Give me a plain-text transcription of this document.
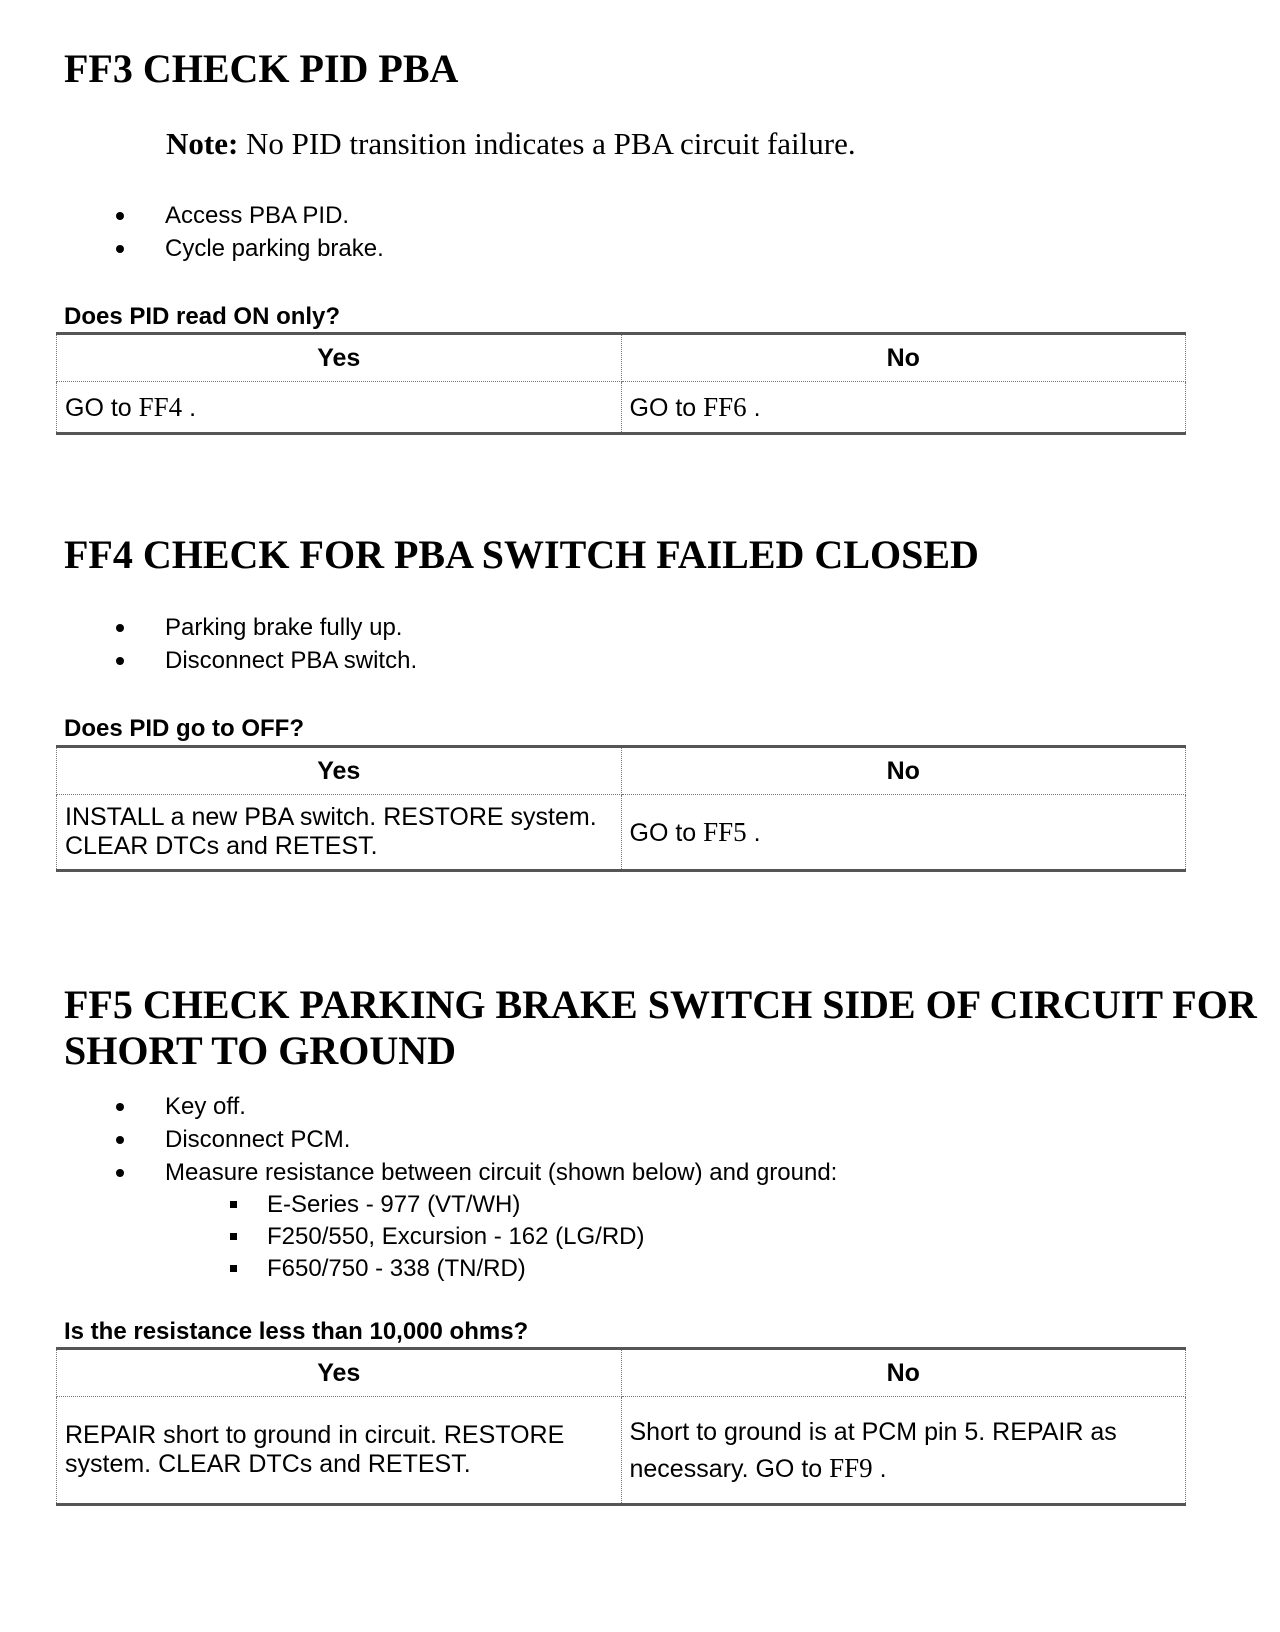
FF3 CHECK PID PBA
Note: No PID transition indicates a PBA circuit failure.
Access PBA PID.
Cycle parking brake.
Does PID read ON only?
Yes	No
GO to FF4 .	GO to FF6 .
FF4 CHECK FOR PBA SWITCH FAILED CLOSED
Parking brake fully up.
Disconnect PBA switch.
Does PID go to OFF?
Yes	No
INSTALL a new PBA switch. RESTORE system. CLEAR DTCs and RETEST.	GO to FF5 .
FF5 CHECK PARKING BRAKE SWITCH SIDE OF CIRCUIT FOR SHORT TO GROUND
Key off.
Disconnect PCM.
Measure resistance between circuit (shown below) and ground:
E-Series - 977 (VT/WH)
F250/550, Excursion - 162 (LG/RD)
F650/750 - 338 (TN/RD)
Is the resistance less than 10,000 ohms?
Yes	No
REPAIR short to ground in circuit. RESTORE system. CLEAR DTCs and RETEST.	Short to ground is at PCM pin 5. REPAIR as necessary. GO to FF9 .
